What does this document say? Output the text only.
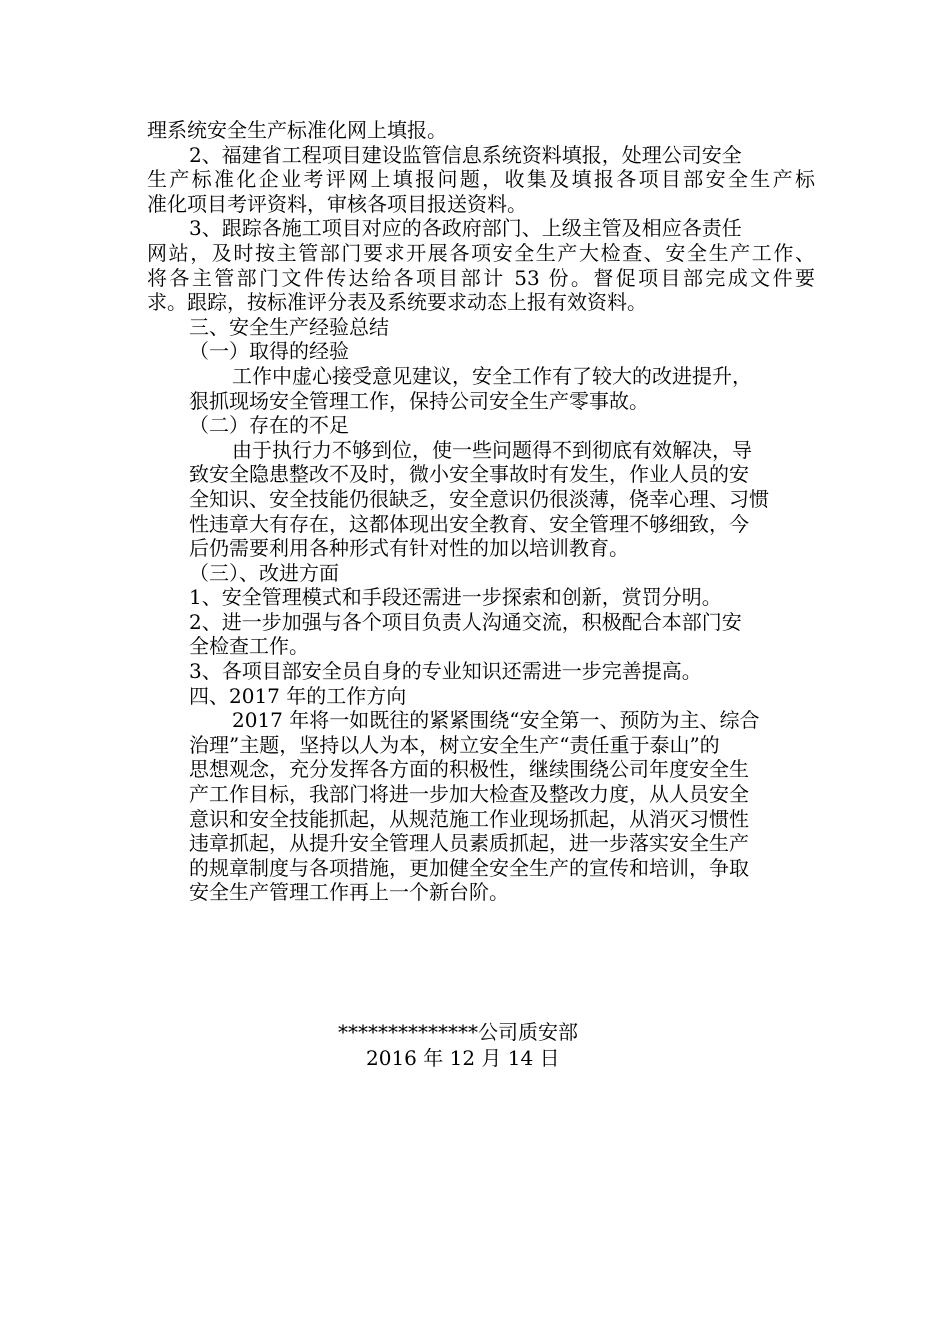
理系统安全生产标准化网上填报。
2、福建省工程项目建设监管信息系统资料填报，处理公司安全
生产标准化企业考评网上填报问题，收集及填报各项目部安全生产标
准化项目考评资料，审核各项目报送资料。
3、跟踪各施工项目对应的各政府部门、上级主管及相应各责任
网站，及时按主管部门要求开展各项安全生产大检查、安全生产工作、
将各主管部门文件传达给各项目部计 53 份。督促项目部完成文件要
求。跟踪，按标准评分表及系统要求动态上报有效资料。
三、安全生产经验总结
（一）取得的经验
工作中虚心接受意见建议，安全工作有了较大的改进提升，
狠抓现场安全管理工作，保持公司安全生产零事故。
（二）存在的不足
由于执行力不够到位，使一些问题得不到彻底有效解决，导
致安全隐患整改不及时，微小安全事故时有发生，作业人员的安
全知识、安全技能仍很缺乏，安全意识仍很淡薄，侥幸心理、习惯
性违章大有存在，这都体现出安全教育、安全管理不够细致，今
后仍需要利用各种形式有针对性的加以培训教育。
（三）、改进方面
1、安全管理模式和手段还需进一步探索和创新，赏罚分明。
2、进一步加强与各个项目负责人沟通交流，积极配合本部门安
全检查工作。
3、各项目部安全员自身的专业知识还需进一步完善提高。
四、2017 年的工作方向
2017 年将一如既往的紧紧围绕“安全第一、预防为主、综合
治理”主题，坚持以人为本，树立安全生产“责任重于泰山”的
思想观念，充分发挥各方面的积极性，继续围绕公司年度安全生
产工作目标，我部门将进一步加大检查及整改力度，从人员安全
意识和安全技能抓起，从规范施工作业现场抓起，从消灭习惯性
违章抓起，从提升安全管理人员素质抓起，进一步落实安全生产
的规章制度与各项措施，更加健全安全生产的宣传和培训，争取
安全生产管理工作再上一个新台阶。
**************公司质安部
2016 年 12 月 14 日
